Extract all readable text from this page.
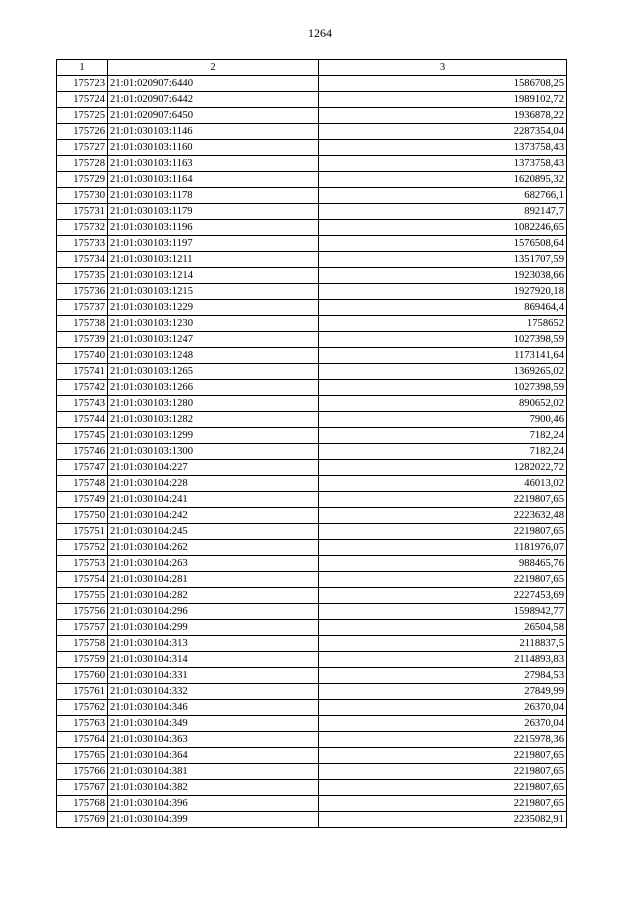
1264
1	2	3
175723	21:01:020907:6440	1586708,25
175724	21:01:020907:6442	1989102,72
175725	21:01:020907:6450	1936878,22
175726	21:01:030103:1146	2287354,04
175727	21:01:030103:1160	1373758,43
175728	21:01:030103:1163	1373758,43
175729	21:01:030103:1164	1620895,32
175730	21:01:030103:1178	682766,1
175731	21:01:030103:1179	892147,7
175732	21:01:030103:1196	1082246,65
175733	21:01:030103:1197	1576508,64
175734	21:01:030103:1211	1351707,59
175735	21:01:030103:1214	1923038,66
175736	21:01:030103:1215	1927920,18
175737	21:01:030103:1229	869464,4
175738	21:01:030103:1230	1758652
175739	21:01:030103:1247	1027398,59
175740	21:01:030103:1248	1173141,64
175741	21:01:030103:1265	1369265,02
175742	21:01:030103:1266	1027398,59
175743	21:01:030103:1280	890652,02
175744	21:01:030103:1282	7900,46
175745	21:01:030103:1299	7182,24
175746	21:01:030103:1300	7182,24
175747	21:01:030104:227	1282022,72
175748	21:01:030104:228	46013,02
175749	21:01:030104:241	2219807,65
175750	21:01:030104:242	2223632,48
175751	21:01:030104:245	2219807,65
175752	21:01:030104:262	1181976,07
175753	21:01:030104:263	988465,76
175754	21:01:030104:281	2219807,65
175755	21:01:030104:282	2227453,69
175756	21:01:030104:296	1598942,77
175757	21:01:030104:299	26504,58
175758	21:01:030104:313	2118837,5
175759	21:01:030104:314	2114893,83
175760	21:01:030104:331	27984,53
175761	21:01:030104:332	27849,99
175762	21:01:030104:346	26370,04
175763	21:01:030104:349	26370,04
175764	21:01:030104:363	2215978,36
175765	21:01:030104:364	2219807,65
175766	21:01:030104:381	2219807,65
175767	21:01:030104:382	2219807,65
175768	21:01:030104:396	2219807,65
175769	21:01:030104:399	2235082,91
